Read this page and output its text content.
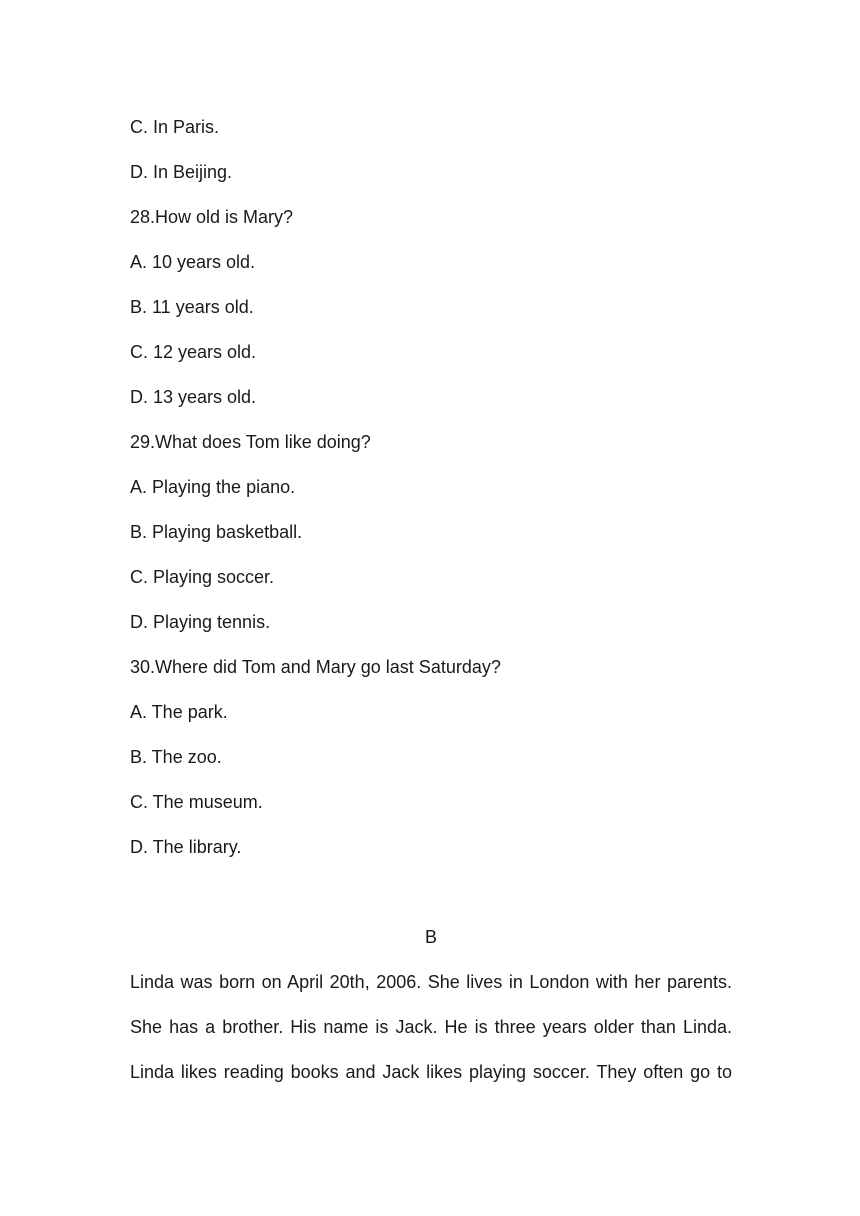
C. In Paris.
D. In Beijing.
28.How old is Mary?
A. 10 years old.
B. 11 years old.
C. 12 years old.
D. 13 years old.
29.What does Tom like doing?
A. Playing the piano.
B. Playing basketball.
C. Playing soccer.
D. Playing tennis.
30.Where did Tom and Mary go last Saturday?
A. The park.
B. The zoo.
C. The museum.
D. The library.
B
Linda was born on April 20th, 2006. She lives in London with her parents.
She has a brother. His name is Jack. He is three years older than Linda.
Linda likes reading books and Jack likes playing soccer. They often go to
